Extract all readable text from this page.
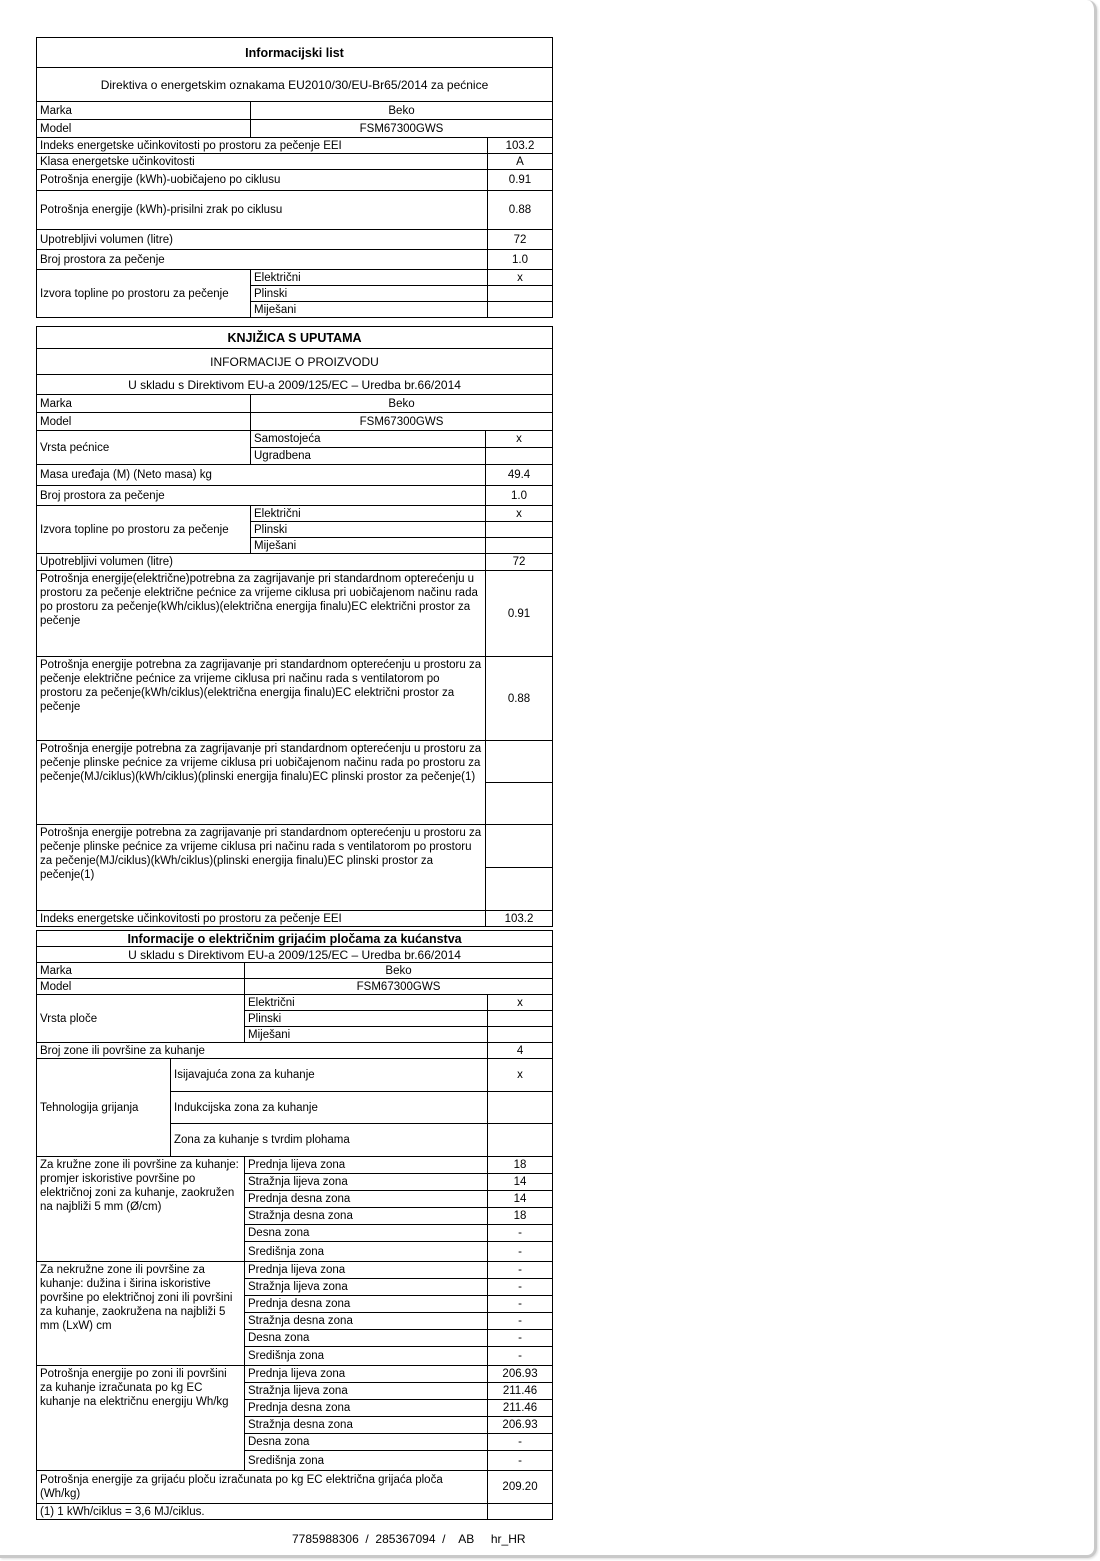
Informacijski list		
Direktiva o energetskim oznakama EU2010/30/EU-Br65/2014 za pećnice		
Marka	Beko	
Model	FSM67300GWS	
Indeks energetske učinkovitosti po prostoru za pečenje EEI		103.2
Klasa energetske učinkovitosti		A
Potrošnja energije (kWh)-uobičajeno po ciklusu		0.91
Potrošnja energije (kWh)-prisilni zrak po ciklusu		0.88
Upotrebljivi volumen (litre)		72
Broj prostora za pečenje		1.0
Izvora topline po prostoru za pečenje	Električni	x
	Plinski	
	Miješani	
KNJIŽICA S UPUTAMA		
INFORMACIJE O PROIZVODU		
U skladu s Direktivom EU-a 2009/125/EC – Uredba br.66/2014		
Marka	Beko	
Model	FSM67300GWS	
Vrsta pećnice	Samostojeća	x
	Ugradbena	
Masa uređaja (M) (Neto masa) kg		49.4
Broj prostora za pečenje		1.0
Izvora topline po prostoru za pečenje	Električni	x
	Plinski	
	Miješani	
Upotrebljivi volumen (litre)		72
Potrošnja energije(električne)potrebna za zagrijavanje pri standardnom opterećenju u prostoru za pečenje električne pećnice za vrijeme ciklusa pri uobičajenom načinu rada po prostoru za pečenje(kWh/ciklus)(električna energija finalu)EC električni prostor za pečenje		0.91
Potrošnja energije potrebna za zagrijavanje pri standardnom opterećenju u prostoru za pečenje električne pećnice za vrijeme ciklusa pri načinu rada s ventilatorom po prostoru za pečenje(kWh/ciklus)(električna energija finalu)EC električni prostor za pečenje		0.88
Potrošnja energije potrebna za zagrijavanje pri standardnom opterećenju u prostoru za pečenje plinske pećnice za vrijeme ciklusa pri uobičajenom načinu rada po prostoru za pečenje(MJ/ciklus)(kWh/ciklus)(plinski energija finalu)EC plinski prostor za pečenje(1)		

Potrošnja energije potrebna za zagrijavanje pri standardnom opterećenju u prostoru za pečenje plinske pećnice za vrijeme ciklusa pri načinu rada s ventilatorom po prostoru za pečenje(MJ/ciklus)(kWh/ciklus)(plinski energija finalu)EC plinski prostor za pečenje(1)		

Indeks energetske učinkovitosti po prostoru za pečenje EEI		103.2
Informacije o električnim grijaćim pločama za kućanstva			
U skladu s Direktivom EU-a 2009/125/EC – Uredba br.66/2014			
Marka		Beko	
Model		FSM67300GWS	
Vrsta ploče		Električni	x
		Plinski	
		Miješani	
Broj zone ili površine za kuhanje			4
Tehnologija grijanja	Isijavajuća zona za kuhanje		x
	Indukcijska zona za kuhanje		
	Zona za kuhanje s tvrdim plohama		
Za kružne zone ili površine za kuhanje: promjer iskoristive površine po električnoj zoni za kuhanje, zaokružen na najbliži 5 mm (Ø/cm)		Prednja lijeva zona	18
		Stražnja lijeva zona	14
		Prednja desna zona	14
		Stražnja desna zona	18
		Desna zona	-
		Središnja zona	-
Za nekružne zone ili površine za kuhanje: dužina i širina iskoristive površine po električnoj zoni ili površini za kuhanje, zaokružena na najbliži 5 mm (LxW) cm		Prednja lijeva zona	-
		Stražnja lijeva zona	-
		Prednja desna zona	-
		Stražnja desna zona	-
		Desna zona	-
		Središnja zona	-
Potrošnja energije po zoni ili površini za kuhanje izračunata po kg EC kuhanje na električnu energiju Wh/kg		Prednja lijeva zona	206.93
		Stražnja lijeva zona	211.46
		Prednja desna zona	211.46
		Stražnja desna zona	206.93
		Desna zona	-
		Središnja zona	-
Potrošnja energije za grijaću ploču izračunata po kg EC električna grijaća ploča (Wh/kg)			209.20
(1) 1 kWh/ciklus = 3,6 MJ/ciklus.			
7785988306  /  285367094  /    AB hr_HR
